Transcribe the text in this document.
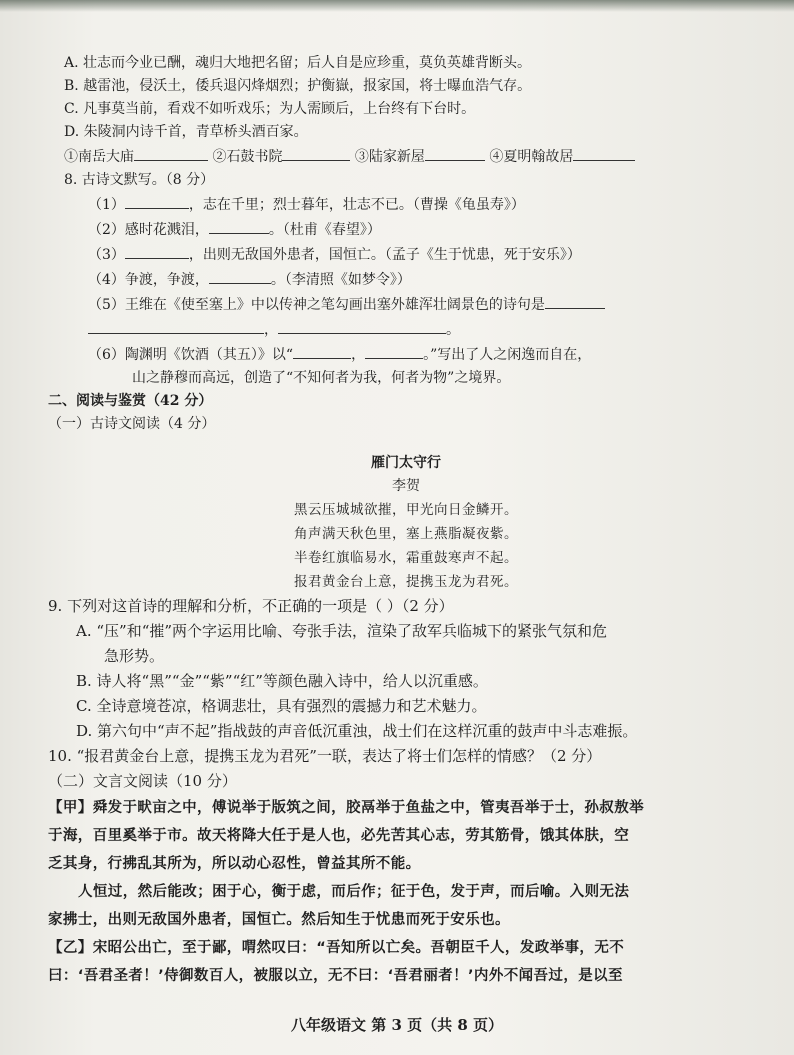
A. 壮志而今业已酬，魂归大地把名留；后人自是应珍重，莫负英雄背断头。
B. 越雷池，侵沃土，倭兵退闪烽烟烈；护衡嶽，报家国，将士曝血浩气存。
C. 凡事莫当前，看戏不如听戏乐；为人需顾后，上台终有下台时。
D. 朱陵洞内诗千首，青草桥头酒百家。
①南岳大庙	②石鼓书院	③陆家新屋	④夏明翰故居
8. 古诗文默写。（8 分）
（1）	，志在千里；烈士暮年，壮志不已。（曹操《龟虽寿》）
（2）感时花溅泪，	。（杜甫《春望》）
（3）	，出则无敌国外患者，国恒亡。（孟子《生于忧患，死于安乐》）
（4）争渡，争渡，	。（李清照《如梦令》）
（5）王维在《使至塞上》中以传神之笔勾画出塞外雄浑壮阔景色的诗句是
，	。
（6）陶渊明《饮酒（其五）》以“	，	。”写出了人之闲逸而自在，
山之静穆而高远，创造了“不知何者为我，何者为物”之境界。
二、阅读与鉴赏（42 分）
（一）古诗文阅读（4 分）
雁门太守行
李贺
黑云压城城欲摧，甲光向日金鳞开。
角声满天秋色里，塞上燕脂凝夜紫。
半卷红旗临易水，霜重鼓寒声不起。
报君黄金台上意，提携玉龙为君死。
9. 下列对这首诗的理解和分析，不正确的一项是（ ）（2 分）
A. “压”和“摧”两个字运用比喻、夸张手法，渲染了敌军兵临城下的紧张气氛和危
急形势。
B. 诗人将“黑”“金”“紫”“红”等颜色融入诗中，给人以沉重感。
C. 全诗意境苍凉，格调悲壮，具有强烈的震撼力和艺术魅力。
D. 第六句中“声不起”指战鼓的声音低沉重浊，战士们在这样沉重的鼓声中斗志难振。
10. “报君黄金台上意，提携玉龙为君死”一联，表达了将士们怎样的情感？（2 分）
（二）文言文阅读（10 分）
【甲】舜发于畎亩之中，傅说举于版筑之间，胶鬲举于鱼盐之中，管夷吾举于士，孙叔敖举
于海，百里奚举于市。故天将降大任于是人也，必先苦其心志，劳其筋骨，饿其体肤，空
乏其身，行拂乱其所为，所以动心忍性，曾益其所不能。
人恒过，然后能改；困于心，衡于虑，而后作；征于色，发于声，而后喻。入则无法
家拂士，出则无敌国外患者，国恒亡。然后知生于忧患而死于安乐也。
【乙】宋昭公出亡，至于鄙，喟然叹曰：“吾知所以亡矣。吾朝臣千人，发政举事，无不
曰：‘吾君圣者！’侍御数百人，被服以立，无不曰：‘吾君丽者！’内外不闻吾过，是以至
八年级语文 第 3 页（共 8 页）
